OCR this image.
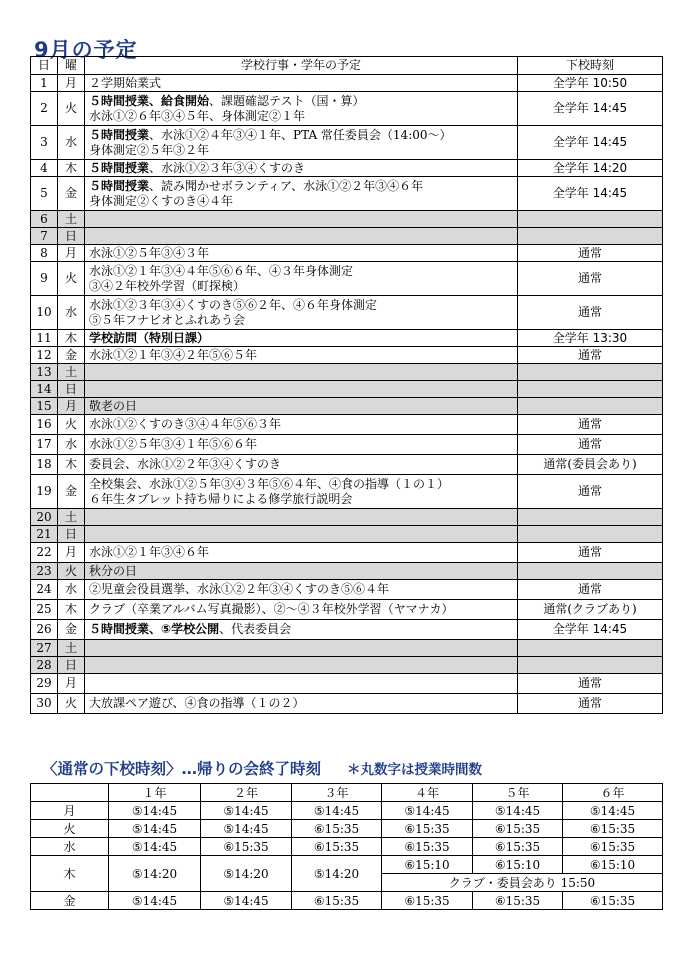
9月の予定
日	曜	学校行事・学年の予定	下校時刻
1	月	２学期始業式	全学年 10:50
2	火	５時間授業、給食開始、課題確認テスト（国・算）
水泳①②６年③④５年、身体測定②１年	全学年 14:45
3	水	５時間授業、水泳①②４年③④１年、PTA 常任委員会（14:00～）
身体測定②５年③２年	全学年 14:45
4	木	５時間授業、水泳①②３年③④くすのき	全学年 14:20
5	金	５時間授業、読み聞かせボランティア、水泳①②２年③④６年
身体測定②くすのき④４年	全学年 14:45
6	土		
7	日		
8	月	水泳①②５年③④３年	通常
9	火	水泳①②１年③④４年⑤⑥６年、④３年身体測定
③④２年校外学習（町探検）	通常
10	水	水泳①②３年③④くすのき⑤⑥２年、④６年身体測定
⑤５年フナビオとふれあう会	通常
11	木	学校訪問（特別日課）	全学年 13:30
12	金	水泳①②１年③④２年⑤⑥５年	通常
13	土		
14	日		
15	月	敬老の日	

16	火	水泳①②くすのき③④４年⑤⑥３年	通常
17	水	水泳①②５年③④１年⑤⑥６年	通常
18	木	委員会、水泳①②２年③④くすのき	通常(委員会あり)
19	金	全校集会、水泳①②５年③④３年⑤⑥４年、④食の指導（１の１）
６年生タブレット持ち帰りによる修学旅行説明会	通常
20	土		
21	日		
22	月	水泳①②１年③④６年	通常
23	火	秋分の日	

24	水	②児童会役員選挙、水泳①②２年③④くすのき⑤⑥４年	通常
25	木	クラブ（卒業アルバム写真撮影）、②～④３年校外学習（ヤマナカ）	通常(クラブあり)
26	金	５時間授業、⑤学校公開、代表委員会	全学年 14:45
27	土		
28	日		
29	月		通常
30	火	大放課ペア遊び、④食の指導（１の２）	通常
〈通常の下校時刻〉…帰りの会終了時刻 ＊丸数字は授業時間数
	１年	２年	３年	４年	５年	６年
月	⑤14:45	⑤14:45	⑤14:45	⑤14:45	⑤14:45	⑤14:45
火	⑤14:45	⑤14:45	⑥15:35	⑥15:35	⑥15:35	⑥15:35
水	⑤14:45	⑥15:35	⑥15:35	⑥15:35	⑥15:35	⑥15:35
木	⑤14:20	⑤14:20	⑤14:20	⑥15:10	⑥15:10	⑥15:10
				クラブ・委員会あり 15:50		
金	⑤14:45	⑤14:45	⑥15:35	⑥15:35	⑥15:35	⑥15:35
